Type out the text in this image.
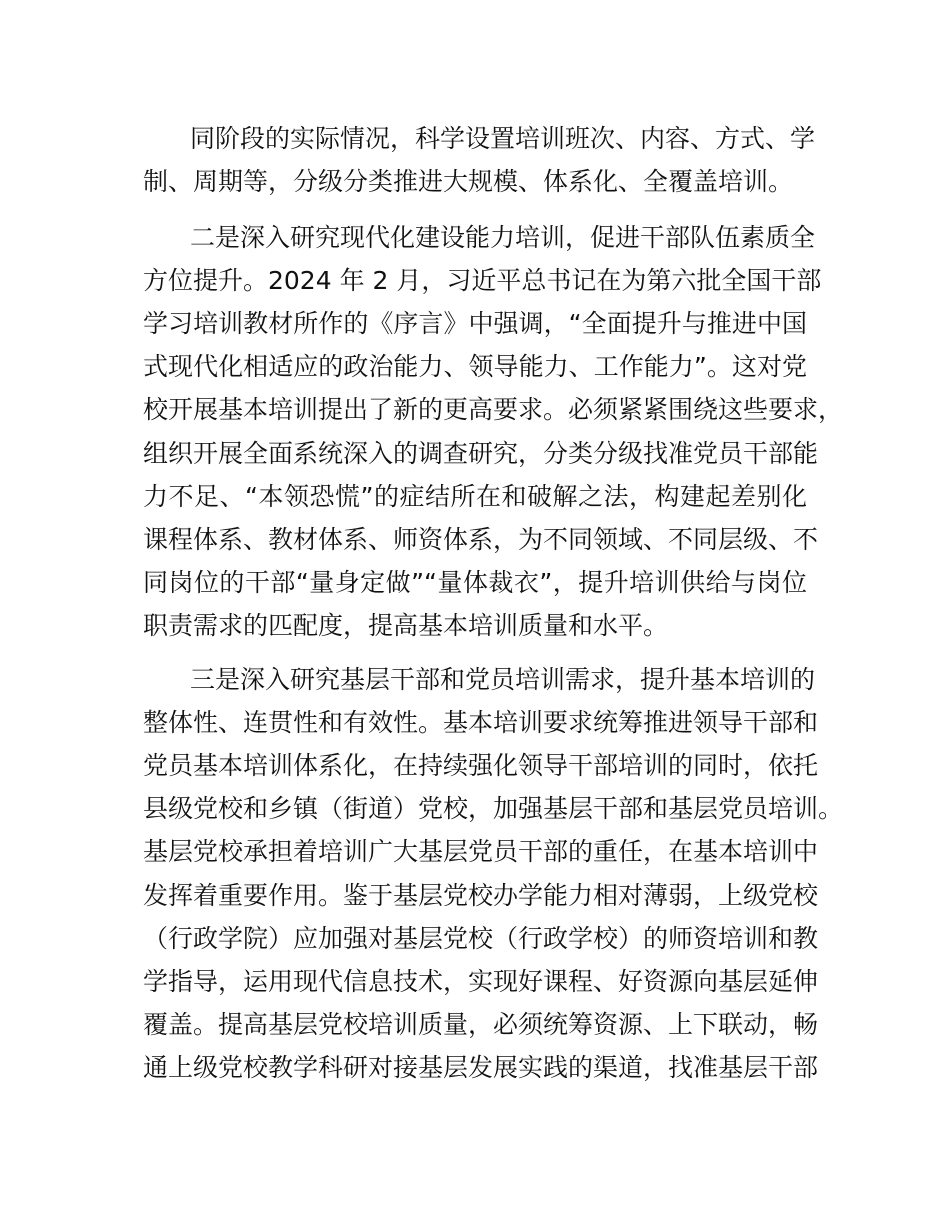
同阶段的实际情况，科学设置培训班次、内容、方式、学
制、周期等，分级分类推进大规模、体系化、全覆盖培训。
二是深入研究现代化建设能力培训，促进干部队伍素质全
方位提升。2024 年 2 月，习近平总书记在为第六批全国干部
学习培训教材所作的《序言》中强调，“全面提升与推进中国
式现代化相适应的政治能力、领导能力、工作能力”。这对党
校开展基本培训提出了新的更高要求。必须紧紧围绕这些要求，
组织开展全面系统深入的调查研究，分类分级找准党员干部能
力不足、“本领恐慌”的症结所在和破解之法，构建起差别化
课程体系、教材体系、师资体系，为不同领域、不同层级、不
同岗位的干部“量身定做”“量体裁衣”，提升培训供给与岗位
职责需求的匹配度，提高基本培训质量和水平。
三是深入研究基层干部和党员培训需求，提升基本培训的
整体性、连贯性和有效性。基本培训要求统筹推进领导干部和
党员基本培训体系化，在持续强化领导干部培训的同时，依托
县级党校和乡镇（街道）党校，加强基层干部和基层党员培训。
基层党校承担着培训广大基层党员干部的重任，在基本培训中
发挥着重要作用。鉴于基层党校办学能力相对薄弱，上级党校
（行政学院）应加强对基层党校（行政学校）的师资培训和教
学指导，运用现代信息技术，实现好课程、好资源向基层延伸
覆盖。提高基层党校培训质量，必须统筹资源、上下联动，畅
通上级党校教学科研对接基层发展实践的渠道，找准基层干部
